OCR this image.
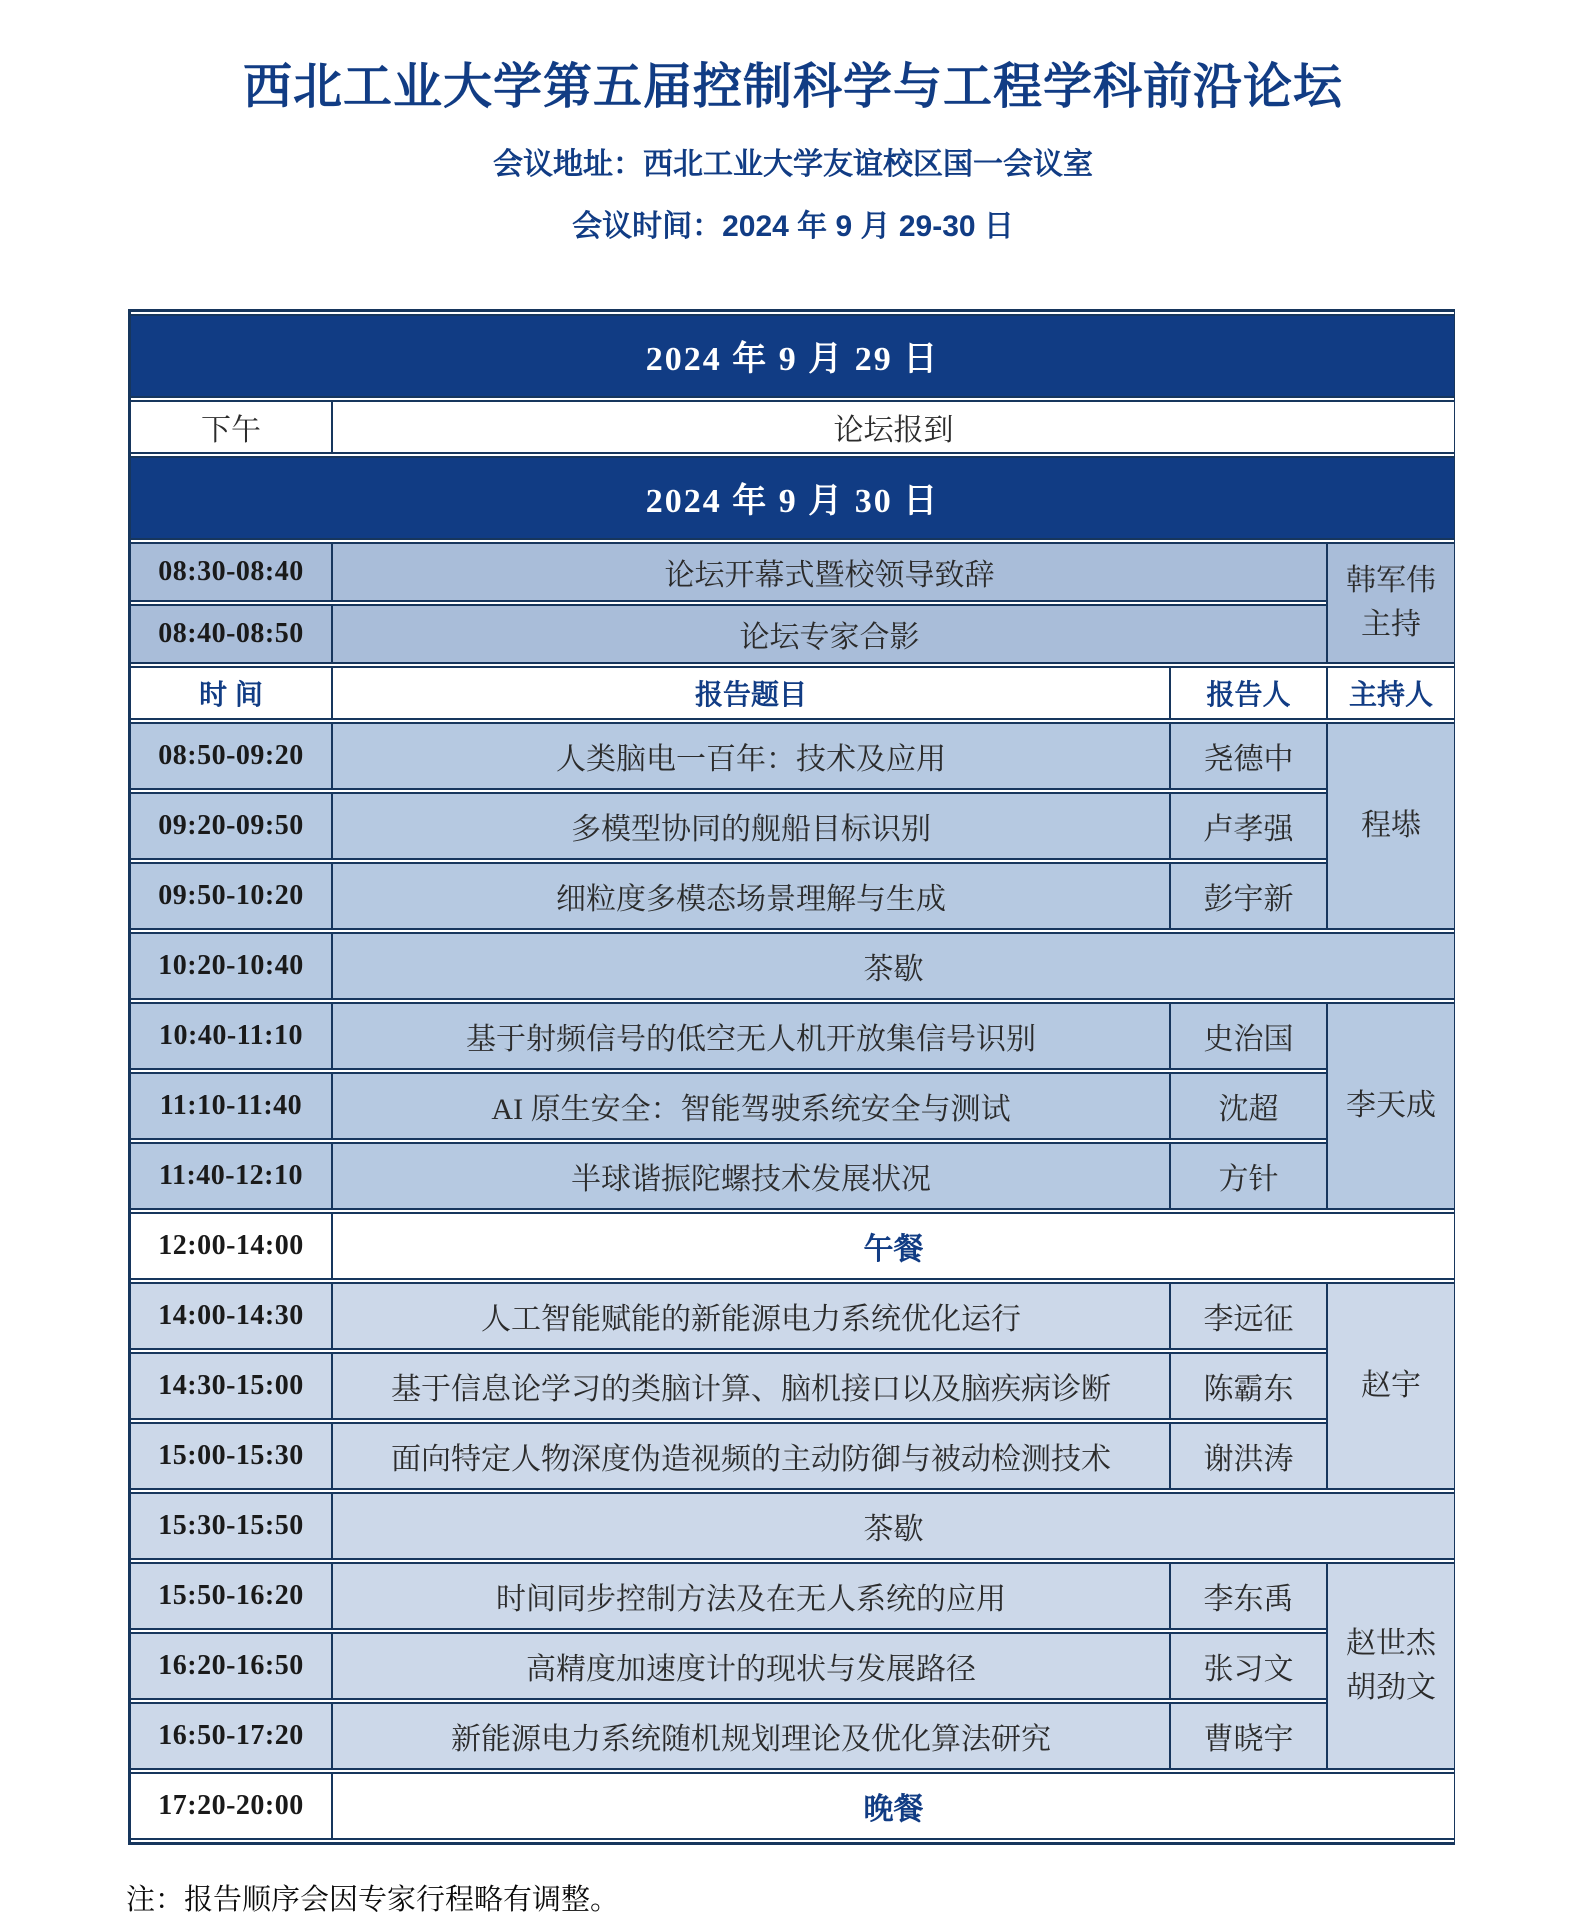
西北工业大学第五届控制科学与工程学科前沿论坛
会议地址：西北工业大学友谊校区国一会议室
会议时间：2024 年 9 月 29-30 日
2024 年 9 月 29 日			

下午	论坛报到		

2024 年 9 月 30 日			

08:30-08:40	论坛开幕式暨校领导致辞		韩军伟
主持

08:40-08:50	论坛专家合影		

时 间	报告题目	报告人	主持人

08:50-09:20	人类脑电一百年：技术及应用	尧德中	程塨

09:20-09:50	多模型协同的舰船目标识别	卢孝强	

09:50-10:20	细粒度多模态场景理解与生成	彭宇新	

10:20-10:40	茶歇		

10:40-11:10	基于射频信号的低空无人机开放集信号识别	史治国	李天成

11:10-11:40	AI 原生安全：智能驾驶系统安全与测试	沈超	

11:40-12:10	半球谐振陀螺技术发展状况	方针	

12:00-14:00	午餐		

14:00-14:30	人工智能赋能的新能源电力系统优化运行	李远征	赵宇

14:30-15:00	基于信息论学习的类脑计算、脑机接口以及脑疾病诊断	陈霸东	

15:00-15:30	面向特定人物深度伪造视频的主动防御与被动检测技术	谢洪涛	

15:30-15:50	茶歇		

15:50-16:20	时间同步控制方法及在无人系统的应用	李东禹	赵世杰
胡劲文

16:20-16:50	高精度加速度计的现状与发展路径	张习文	

16:50-17:20	新能源电力系统随机规划理论及优化算法研究	曹晓宇	

17:20-20:00	晚餐		
注：报告顺序会因专家行程略有调整。
